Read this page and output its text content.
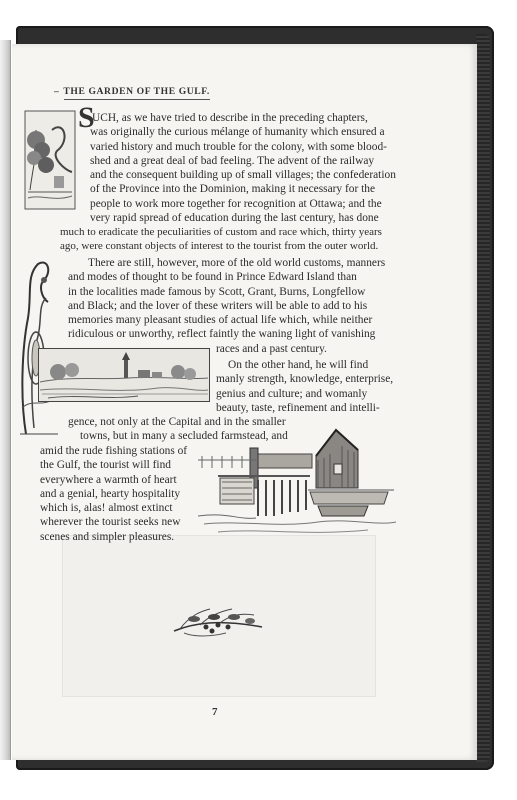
– THE GARDEN OF THE GULF.
S
UCH, as we have tried to describe in the preceding chapters,
was originally the curious mélange of humanity which ensured a
varied history and much trouble for the colony, with some blood-
shed and a great deal of bad feeling. The advent of the railway
and the consequent building up of small villages; the confederation
of the Province into the Dominion, making it necessary for the
people to work more together for recognition at Ottawa; and the
very rapid spread of education during the last century, has done
much to eradicate the peculiarities of custom and race which, thirty years
ago, were constant objects of interest to the tourist from the outer world.
There are still, however, more of the old world customs, manners
and modes of thought to be found in Prince Edward Island than
in the localities made famous by Scott, Grant, Burns, Longfellow
and Black; and the lover of these writers will be able to add to his
memories many pleasant studies of actual life which, while neither
ridiculous or unworthy, reflect faintly the waning light of vanishing
races and a past century.
On the other hand, he will find
manly strength, knowledge, enterprise,
genius and culture; and womanly
beauty, taste, refinement and intelli-
gence, not only at the Capital and in the smaller
towns, but in many a secluded farmstead, and
amid the rude fishing stations of
the Gulf, the tourist will find
everywhere a warmth of heart
and a genial, hearty hospitality
which is, alas! almost extinct
wherever the tourist seeks new
scenes and simpler pleasures.
7
